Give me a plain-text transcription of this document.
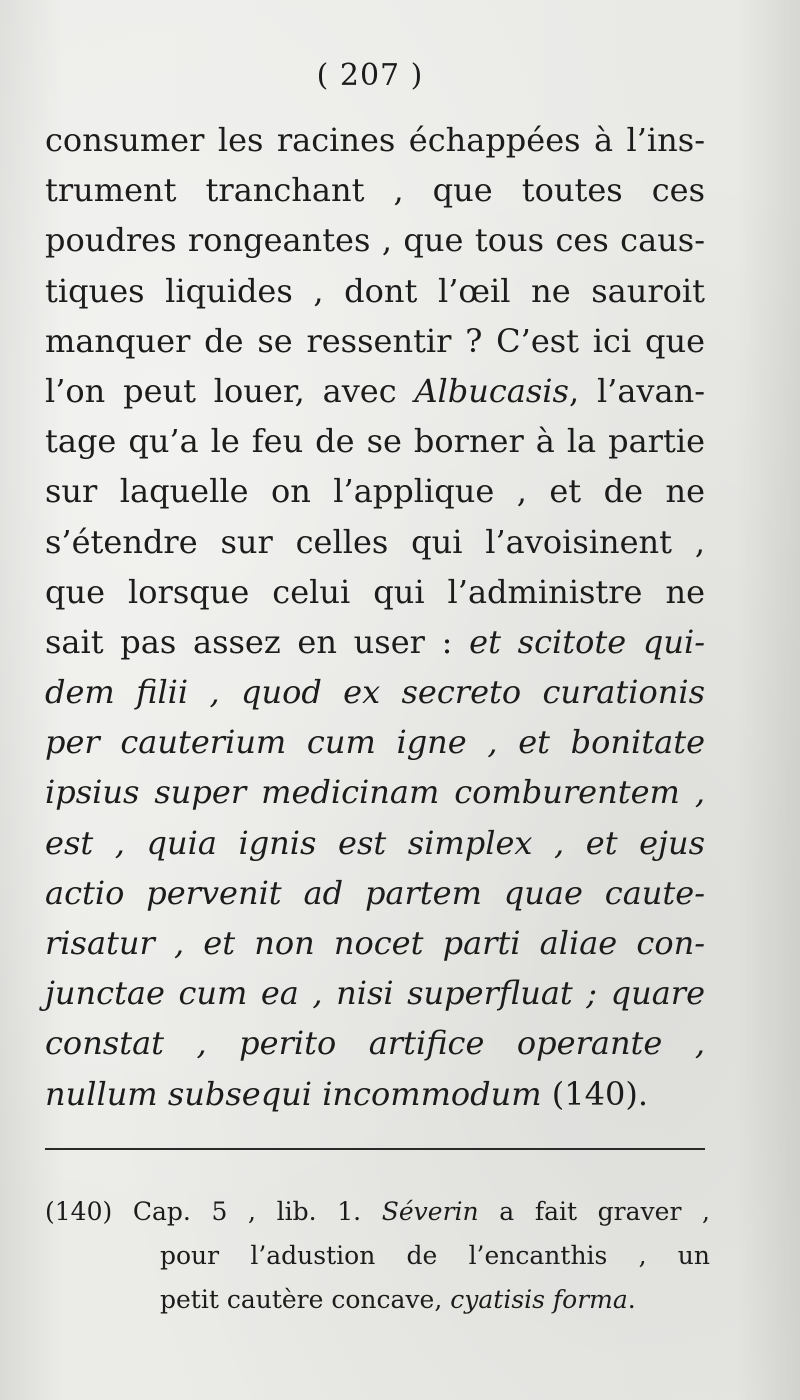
( 207 )
consumer les racines échappées à l’ins-
trument tranchant , que toutes ces
poudres rongeantes , que tous ces caus-
tiques liquides , dont l’œil ne sauroit
manquer de se ressentir ? C’est ici que
l’on peut louer, avec Albucasis, l’avan-
tage qu’a le feu de se borner à la partie
sur laquelle on l’applique , et de ne
s’étendre sur celles qui l’avoisinent ,
que lorsque celui qui l’administre ne
sait pas assez en user : et scitote qui-
dem filii , quod ex secreto curationis
per cauterium cum igne , et bonitate
ipsius super medicinam comburentem ,
est , quia ignis est simplex , et ejus
actio pervenit ad partem quae caute-
risatur , et non nocet parti aliae con-
junctae cum ea , nisi superfluat ; quare
constat , perito artifice operante ,
nullum subsequi incommodum (140).
(140) Cap. 5 , lib. 1. Séverin a fait graver ,
pour l’adustion de l’encanthis , un
petit cautère concave, cyatisis forma.
